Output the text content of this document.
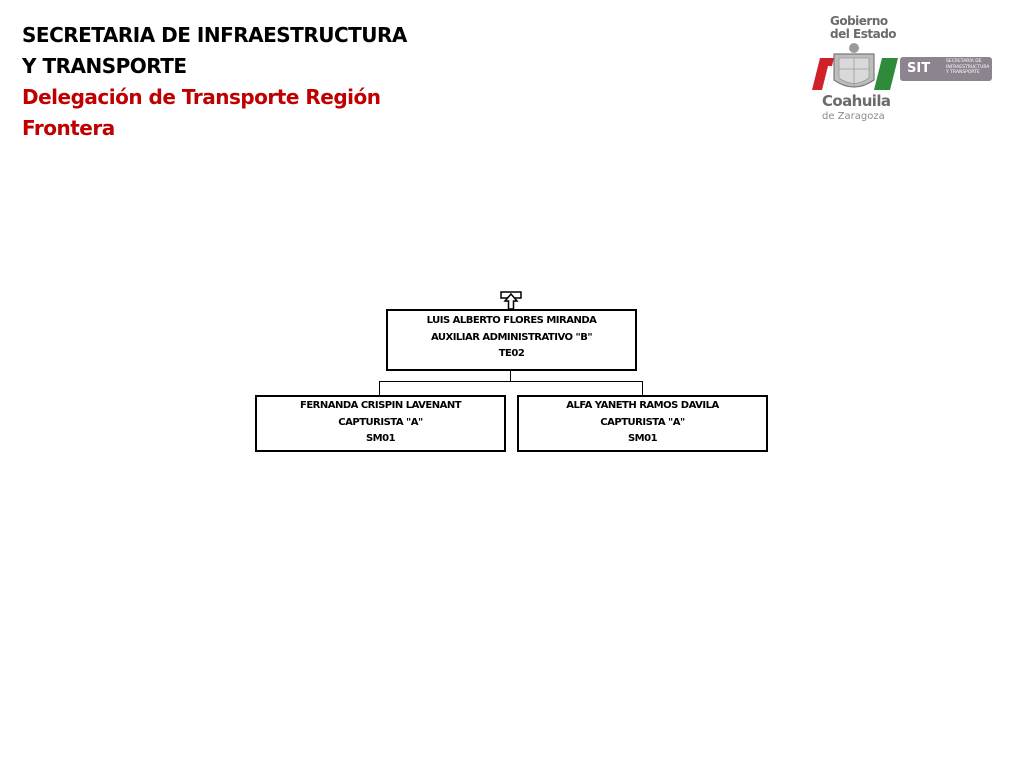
SECRETARIA DE INFRAESTRUCTURA
Y TRANSPORTE
Delegación de Transporte Región
Frontera
Gobierno
del Estado
Coahuila
de Zaragoza
SIT	SECRETARÍA DE INFRAESTRUCTURA Y TRANSPORTE
LUIS ALBERTO FLORES MIRANDA
AUXILIAR ADMINISTRATIVO "B"
TE02
FERNANDA CRISPIN LAVENANT
CAPTURISTA "A"
SM01
ALFA YANETH RAMOS DAVILA
CAPTURISTA "A"
SM01
